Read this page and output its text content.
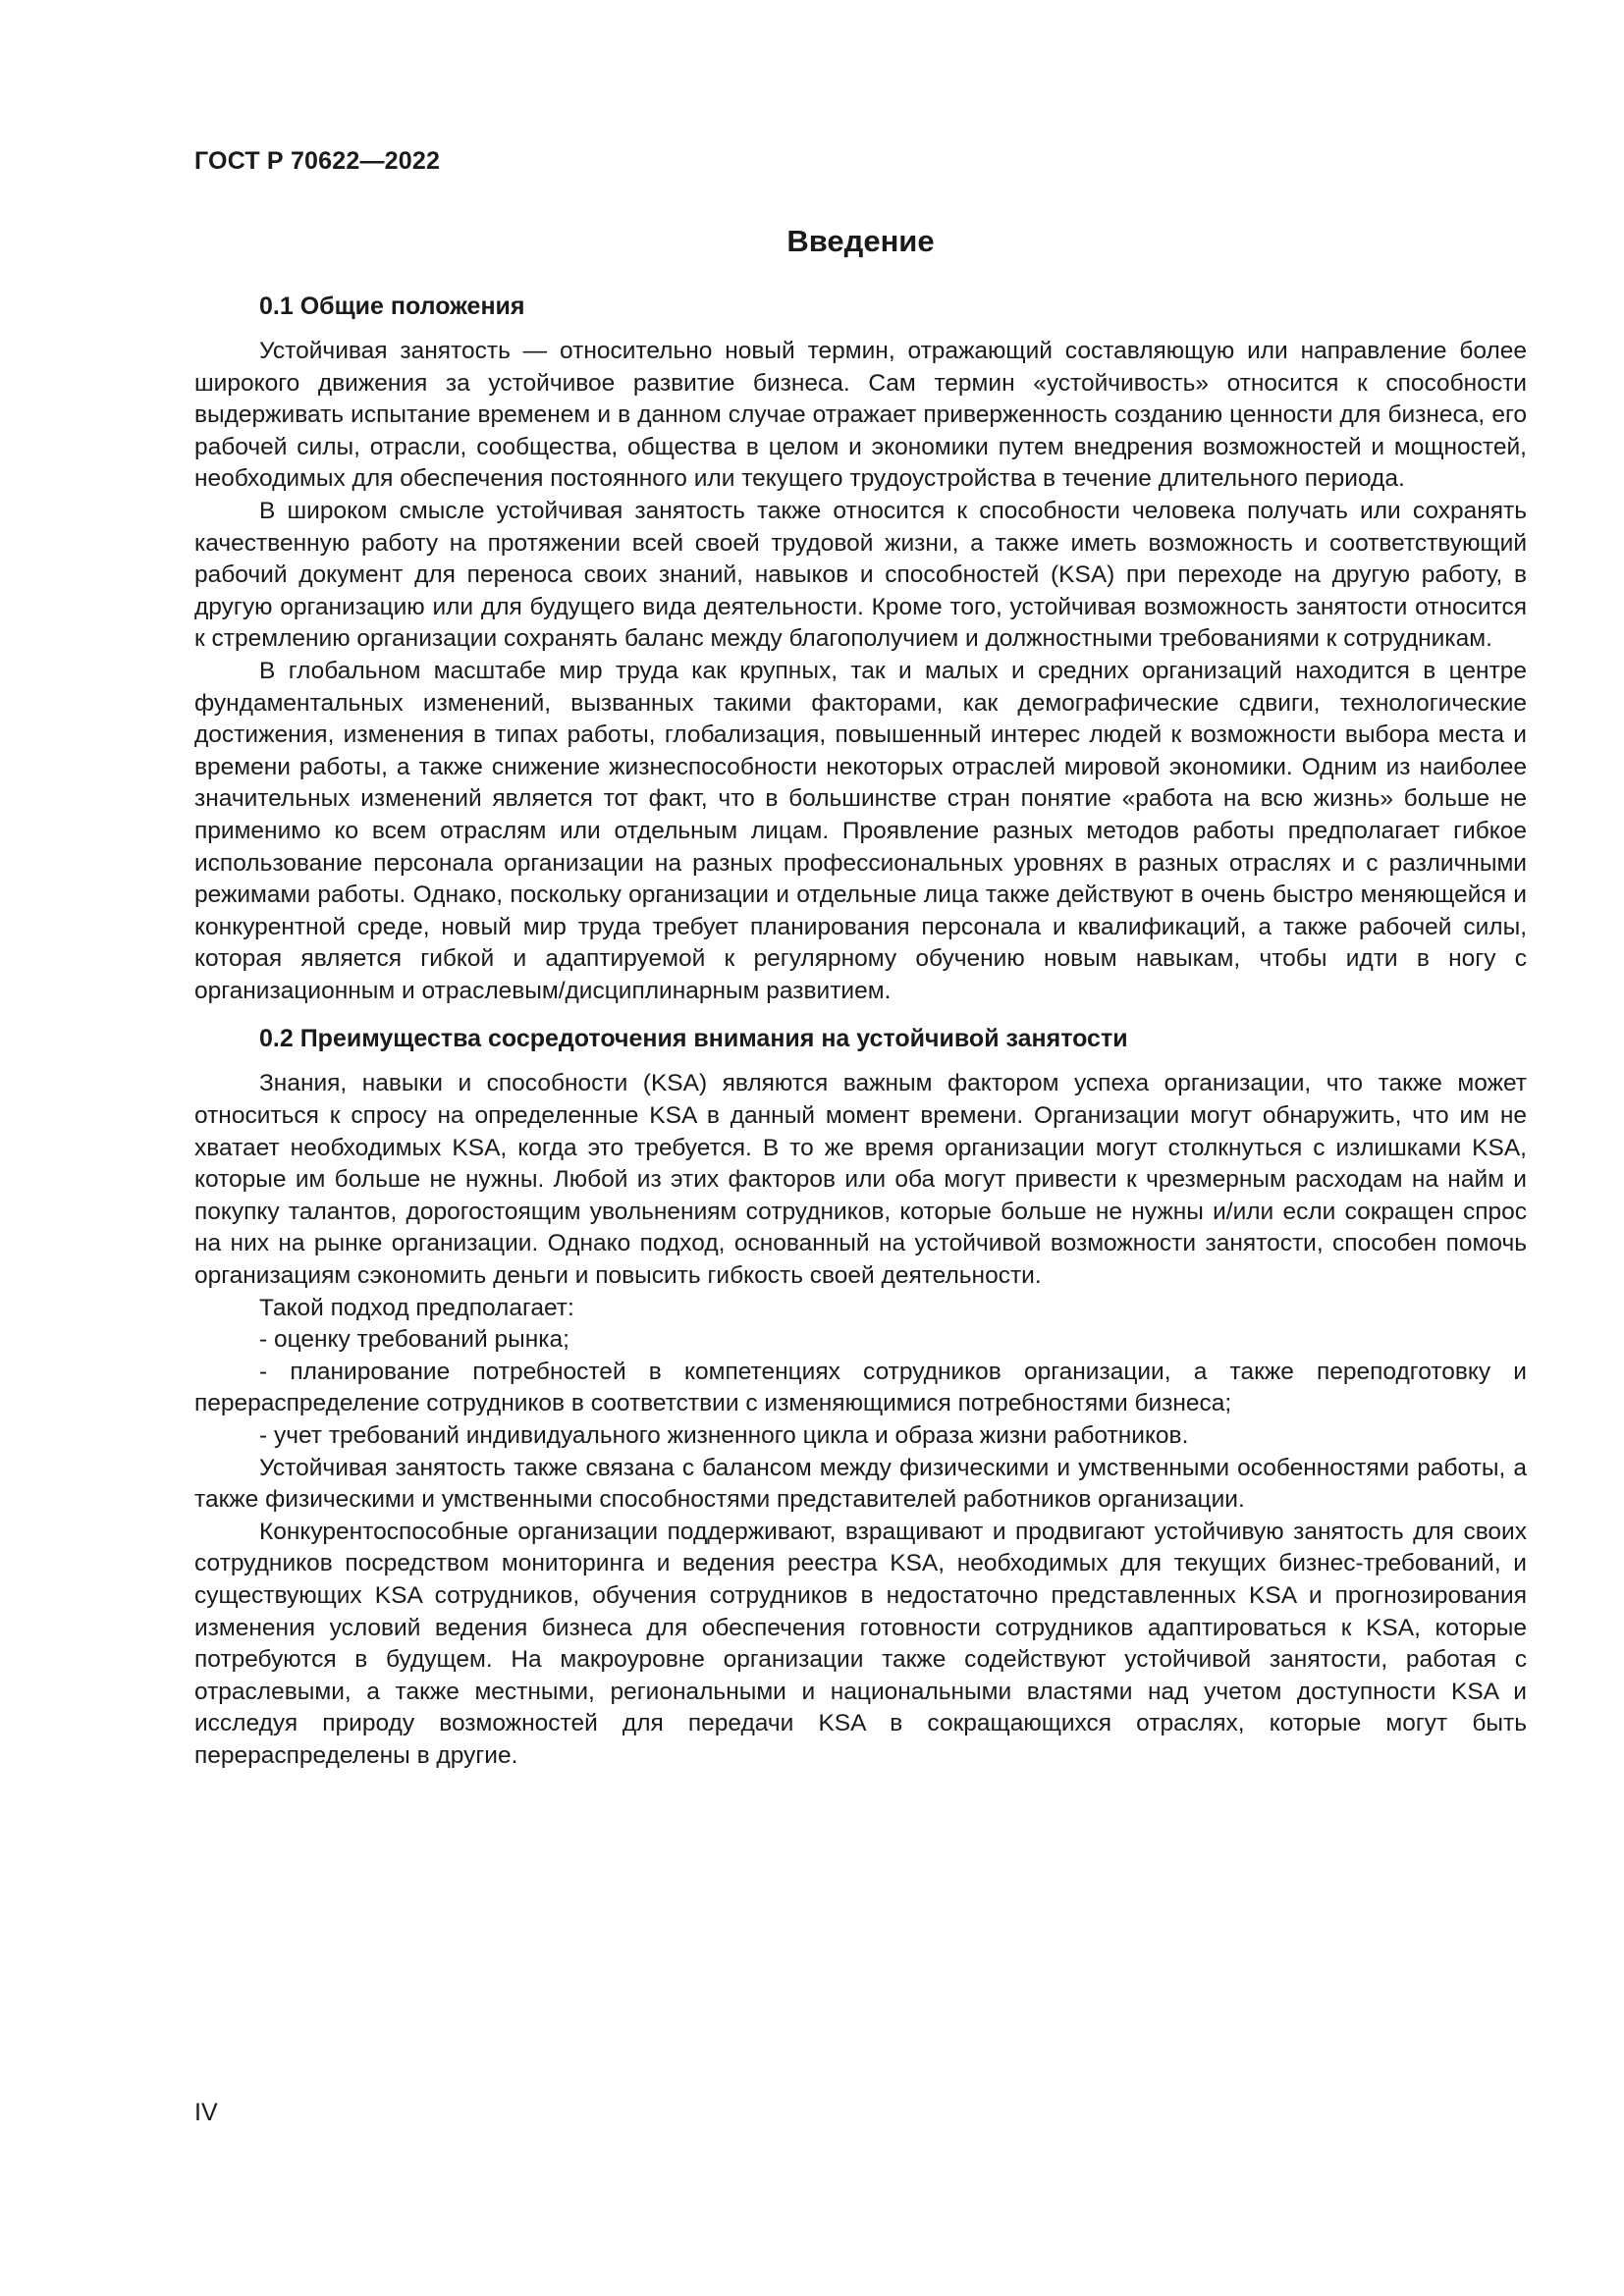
ГОСТ Р 70622—2022
Введение
0.1 Общие положения

Устойчивая занятость — относительно новый термин, отражающий составляющую или направление более широкого движения за устойчивое развитие бизнеса. Сам термин «устойчивость» относится к способности выдерживать испытание временем и в данном случае отражает приверженность созданию ценности для бизнеса, его рабочей силы, отрасли, сообщества, общества в целом и экономики путем внедрения возможностей и мощностей, необходимых для обеспечения постоянного или текущего трудоустройства в течение длительного периода.

В широком смысле устойчивая занятость также относится к способности человека получать или сохранять качественную работу на протяжении всей своей трудовой жизни, а также иметь возможность и соответствующий рабочий документ для переноса своих знаний, навыков и способностей (KSA) при переходе на другую работу, в другую организацию или для будущего вида деятельности. Кроме того, устойчивая возможность занятости относится к стремлению организации сохранять баланс между благополучием и должностными требованиями к сотрудникам.

В глобальном масштабе мир труда как крупных, так и малых и средних организаций находится в центре фундаментальных изменений, вызванных такими факторами, как демографические сдвиги, технологические достижения, изменения в типах работы, глобализация, повышенный интерес людей к возможности выбора места и времени работы, а также снижение жизнеспособности некоторых отраслей мировой экономики. Одним из наиболее значительных изменений является тот факт, что в большинстве стран понятие «работа на всю жизнь» больше не применимо ко всем отраслям или отдельным лицам. Проявление разных методов работы предполагает гибкое использование персонала организации на разных профессиональных уровнях в разных отраслях и с различными режимами работы. Однако, поскольку организации и отдельные лица также действуют в очень быстро меняющейся и конкурентной среде, новый мир труда требует планирования персонала и квалификаций, а также рабочей силы, которая является гибкой и адаптируемой к регулярному обучению новым навыкам, чтобы идти в ногу с организационным и отраслевым/дисциплинарным развитием.

0.2 Преимущества сосредоточения внимания на устойчивой занятости

Знания, навыки и способности (KSA) являются важным фактором успеха организации, что также может относиться к спросу на определенные KSA в данный момент времени. Организации могут обнаружить, что им не хватает необходимых KSA, когда это требуется. В то же время организации могут столкнуться с излишками KSA, которые им больше не нужны. Любой из этих факторов или оба могут привести к чрезмерным расходам на найм и покупку талантов, дорогостоящим увольнениям сотрудников, которые больше не нужны и/или если сокращен спрос на них на рынке организации. Однако подход, основанный на устойчивой возможности занятости, способен помочь организациям сэкономить деньги и повысить гибкость своей деятельности.

Такой подход предполагает:

- оценку требований рынка;

- планирование потребностей в компетенциях сотрудников организации, а также переподготовку и перераспределение сотрудников в соответствии с изменяющимися потребностями бизнеса;

- учет требований индивидуального жизненного цикла и образа жизни работников.

Устойчивая занятость также связана с балансом между физическими и умственными особенностями работы, а также физическими и умственными способностями представителей работников организации.

Конкурентоспособные организации поддерживают, взращивают и продвигают устойчивую занятость для своих сотрудников посредством мониторинга и ведения реестра KSA, необходимых для текущих бизнес-требований, и существующих KSA сотрудников, обучения сотрудников в недостаточно представленных KSA и прогнозирования изменения условий ведения бизнеса для обеспечения готовности сотрудников адаптироваться к KSA, которые потребуются в будущем. На макроуровне организации также содействуют устойчивой занятости, работая с отраслевыми, а также местными, региональными и национальными властями над учетом доступности KSA и исследуя природу возможностей для передачи KSA в сокращающихся отраслях, которые могут быть перераспределены в другие.

IV
